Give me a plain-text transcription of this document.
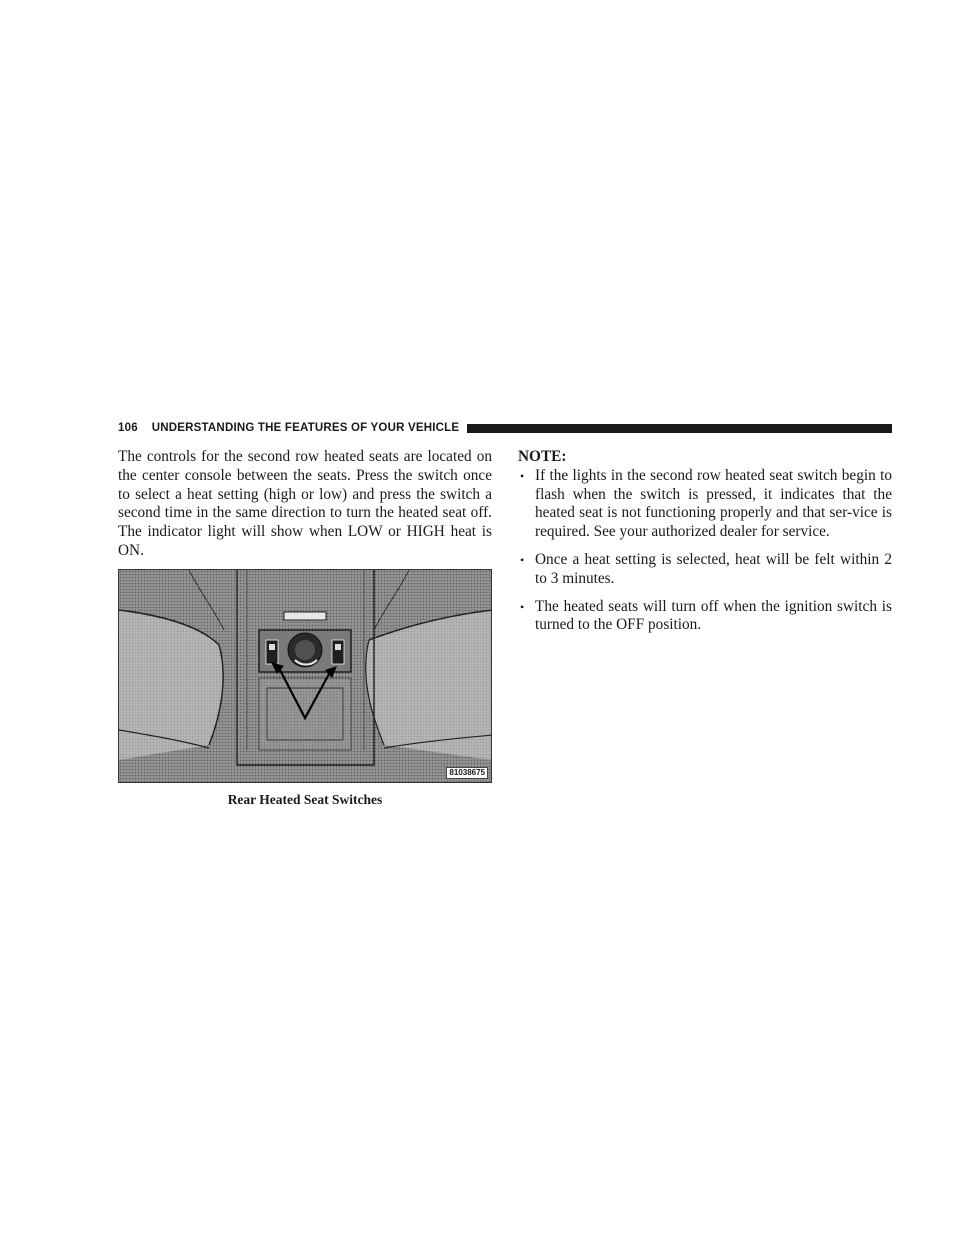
106 UNDERSTANDING THE FEATURES OF YOUR VEHICLE

The controls for the second row heated seats are located on the center console between the seats. Press the switch once to select a heat setting (high or low) and press the switch a second time in the same direction to turn the heated seat off. The indicator light will show when LOW or HIGH heat is ON.

81038675
Rear Heated Seat Switches

NOTE:

• If the lights in the second row heated seat switch begin to flash when the switch is pressed, it indicates that the heated seat is not functioning properly and that ser-vice is required. See your authorized dealer for service.
• Once a heat setting is selected, heat will be felt within 2 to 3 minutes.
• The heated seats will turn off when the ignition switch is turned to the OFF position.
